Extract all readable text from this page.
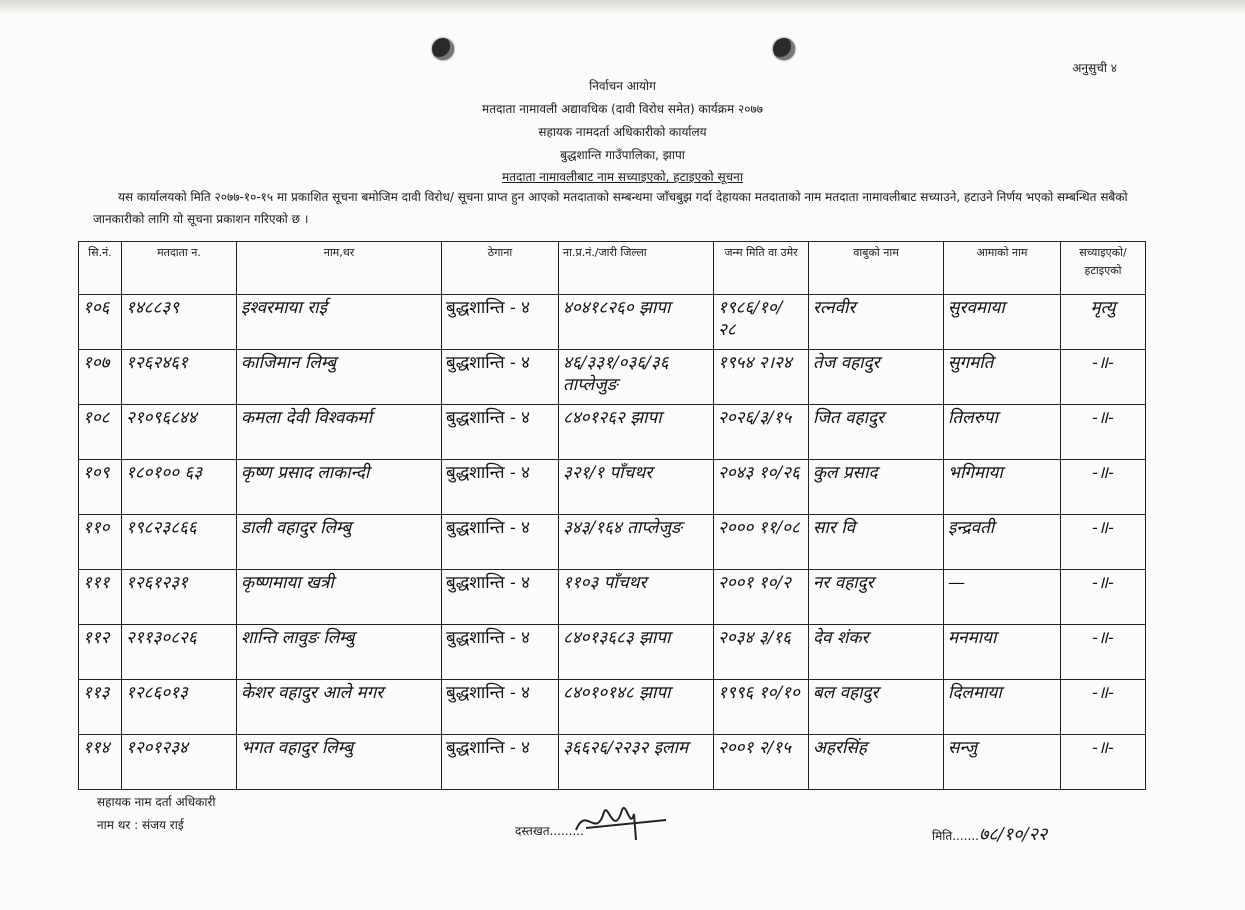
अनुसुची ४
निर्वाचन आयोग
मतदाता नामावली अद्यावधिक (दावी विरोध समेत) कार्यक्रम २०७७
सहायक नामदर्ता अधिकारीको कार्यालय
बुद्धशान्ति गाउँपालिका, झापा
मतदाता नामावलीबाट नाम सच्याइएको, हटाइएको सूचना
यस कार्यालयको मिति २०७७-१०-१५ मा प्रकाशित सूचना बमोजिम दावी विरोध/ सूचना प्राप्त हुन आएको मतदाताको सम्बन्धमा जाँचबुझ गर्दा देहायका मतदाताको नाम मतदाता नामावलीबाट सच्याउने, हटाउने निर्णय भएको सम्बन्धित सबैको जानकारीको लागि यो सूचना प्रकाशन गरिएको छ ।
सि.नं.	मतदाता न.	नाम,थर	ठेगाना	ना.प्र.नं./जारी जिल्ला	जन्म मिति वा उमेर	वाबुको नाम	आमाको नाम	सच्याइएको/ हटाइएको
१०६	१४८८३९	इश्वरमाया राई	बुद्धशान्ति - ४	४०४१८२६० झापा	१९८६/१०/ २८	रत्नवीर	सुरवमाया	मृत्यु
१०७	१२६२४६१	काजिमान लिम्बु	बुद्धशान्ति - ४	४६/३३१/०३६/३६ ताप्लेजुङ	१९५४ २।२४	तेज वहादुर	सुगमति	-॥-
१०८	२१०९६८४४	कमला देवी विश्वकर्मा	बुद्धशान्ति - ४	८४०१२६२ झापा	२०२६/३/१५	जित वहादुर	तिलरुपा	-॥-
१०९	१८०१०० ६३	कृष्ण प्रसाद लाकान्दी	बुद्धशान्ति - ४	३२१/१ पाँचथर	२०४३ १०/२६	कुल प्रसाद	भगिमाया	-॥-
११०	१९८२३८६६	डाली वहादुर लिम्बु	बुद्धशान्ति - ४	३४३/१६४ ताप्लेजुङ	२००० ११/०८	सार वि	इन्द्रवती	-॥-
१११	१२६१२३१	कृष्णमाया खत्री	बुद्धशान्ति - ४	११०३ पाँचथर	२००१ १०/२	नर वहादुर	—	-॥-
११२	२११३०८२६	शान्ति लावुङ लिम्बु	बुद्धशान्ति - ४	८४०१३६८३ झापा	२०३४ ३/१६	देव शंकर	मनमाया	-॥-
११३	१२८६०१३	केशर वहादुर आले मगर	बुद्धशान्ति - ४	८४०१०१४८ झापा	१९९६ १०/१०	बल वहादुर	दिलमाया	-॥-
११४	१२०१२३४	भगत वहादुर लिम्बु	बुद्धशान्ति - ४	३६६२६/२२३२ इलाम	२००१ २/१५	अहरसिंह	सन्जु	-॥-
सहायक नाम दर्ता अधिकारी
नाम थर : संजय राई	दस्तखत.........	मिति.......७८/१०/२२
